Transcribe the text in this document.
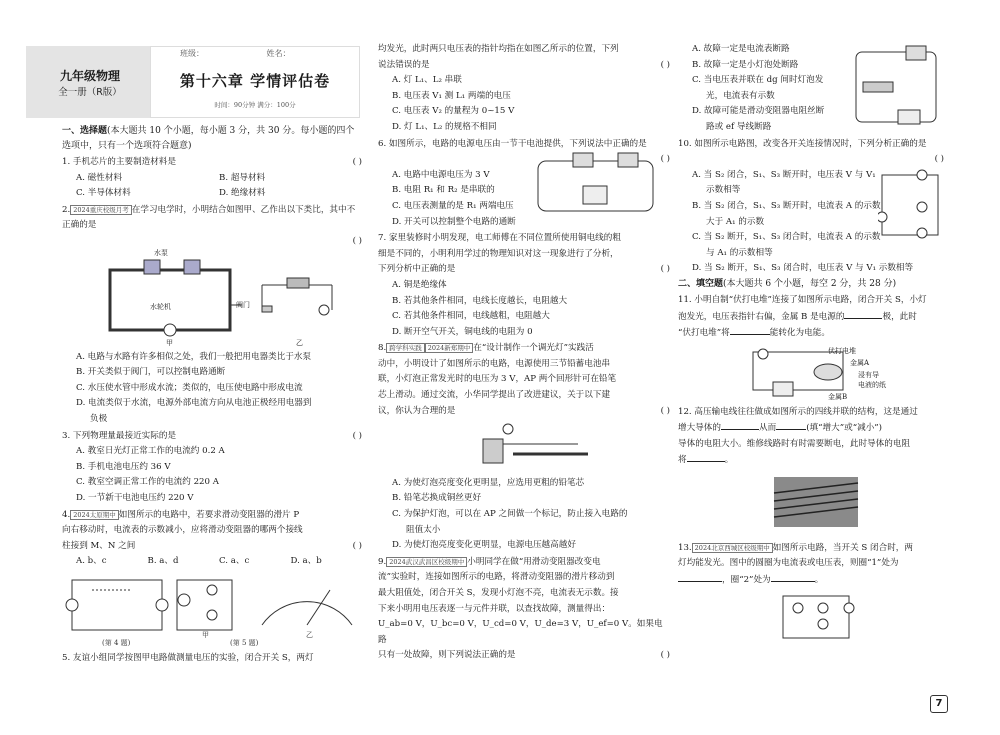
九年级物理
全一册（R版）
班级：	姓名：
第十六章 学情评估卷
时间：90分钟 满分：100分
一、选择题(本大题共 10 个小题，每小题 3 分，共 30 分。每小题的四个选项中，只有一个选项符合题意)
1. 手机芯片的主要制造材料是	( )
A. 磁性材料	B. 超导材料
C. 半导体材料	D. 绝缘材料
2. 2024重庆校级月考 在学习电学时，小明结合如图甲、乙作出以下类比，其中不正确的是
( )
水泵
水轮机	阀门
甲	乙
A. 电路与水路有许多相似之处，我们一般把用电器类比于水泵
B. 开关类似于阀门，可以控制电路通断
C. 水压使水管中形成水流；类似的，电压使电路中形成电流
D. 电流类似于水流，电源外部电流方向从电池正极经用电器到
负极
3. 下列物理量最接近实际的是	( )
A. 教室日光灯正常工作的电流约 0.2 A
B. 手机电池电压约 36 V
C. 教室空调正常工作的电流约 220 A
D. 一节新干电池电压约 220 V
4. 2024太原期中 如图所示的电路中，若要求滑动变阻器的滑片 P
向右移动时，电流表的示数减小，应将滑动变阻器的哪两个接线
柱接到 M、N 之间	( )
A. b、c	B. a、d	C. a、c	D. a、b
(第 4 题)	(第 5 题)
甲	乙
5. 友谊小组同学按图甲电路做测量电压的实验，闭合开关 S，两灯
均发光，此时两只电压表的指针均指在如图乙所示的位置，下列
说法错误的是	( )
A. 灯 L₁、L₂ 串联
B. 电压表 V₁ 测 L₁ 两端的电压
C. 电压表 V₂ 的量程为 0~15 V
D. 灯 L₁、L₂ 的规格不相同
6. 如图所示，电路的电源电压由一节干电池提供，下列说法中正确的是
( )
A. 电路中电源电压为 3 V
B. 电阻 R₁ 和 R₂ 是串联的
C. 电压表测量的是 R₁ 两端电压
D. 开关可以控制整个电路的通断
7. 家里装修时小明发现，电工师傅在不同位置所使用铜电线的粗
细是不同的，小明利用学过的物理知识对这一现象进行了分析，
下列分析中正确的是	( )
A. 铜是绝缘体
B. 若其他条件相同，电线长度越长，电阻越大
C. 若其他条件相同，电线越粗，电阻越大
D. 断开空气开关，铜电线的电阻为 0
8. 跨学科实践 2024新郑期中 在“设计制作一个调光灯”实践活
动中，小明设计了如图所示的电路，电源使用三节铅蓄电池串
联，小灯泡正常发光时的电压为 3 V，AP 两个回形针可在铅笔
芯上滑动。通过交流，小华同学提出了改进建议，关于以下建
议，你认为合理的是	( )
A. 为使灯泡亮度变化更明显，应选用更粗的铅笔芯
B. 铅笔芯换成铜丝更好
C. 为保护灯泡，可以在 AP 之间做一个标记，防止接入电路的
阻值太小
D. 为使灯泡亮度变化更明显，电源电压越高越好
9. 2024武汉武昌区校级期中 小明同学在做“用滑动变阻器改变电
流”实验时，连接如图所示的电路，将滑动变阻器的滑片移动到
最大阻值处，闭合开关 S，发现小灯泡不亮，电流表无示数。接
下来小明用电压表逐一与元件并联，以查找故障，测量得出：
U_ab=0 V，U_bc=0 V，U_cd=0 V，U_de=3 V，U_ef=0 V。如果电路
只有一处故障，则下列说法正确的是	( )
A. 故障一定是电流表断路
B. 故障一定是小灯泡处断路
C. 当电压表并联在 dg 间时灯泡发
光，电流表有示数
D. 故障可能是滑动变阻器电阻丝断
路或 ef 导线断路
10. 如图所示电路图，改变各开关连接情况时，下列分析正确的是
( )
A. 当 S₂ 闭合，S₁、S₃ 断开时，电压表 V 与 V₁
示数相等
B. 当 S₂ 闭合，S₁、S₃ 断开时，电流表 A 的示数
大于 A₁ 的示数
C. 当 S₂ 断开，S₁、S₃ 闭合时，电流表 A 的示数
与 A₁ 的示数相等
D. 当 S₂ 断开，S₁、S₃ 闭合时，电压表 V 与 V₁ 示数相等
二、填空题(本大题共 6 个小题，每空 2 分，共 28 分)
11. 小明自制“伏打电堆”连接了如图所示电路，闭合开关 S，小灯
泡发光，电压表指针右偏，金属 B 是电源的	极，此时
“伏打电堆”将	能转化为电能。
伏打电堆
金属A
浸有导
电液的纸
金属B
12. 高压输电线往往做成如图所示的四线并联的结构，这是通过
增大导体的	从而	(填“增大”或“减小”)
导体的电阻大小。维修线路时有时需要断电，此时导体的电阻
将	。
13. 2024北京西城区校级期中 如图所示电路，当开关 S 闭合时，两
灯均能发光。图中的圆圈为电流表或电压表，则圈“1”处为
，圈“2”处为	。
7
